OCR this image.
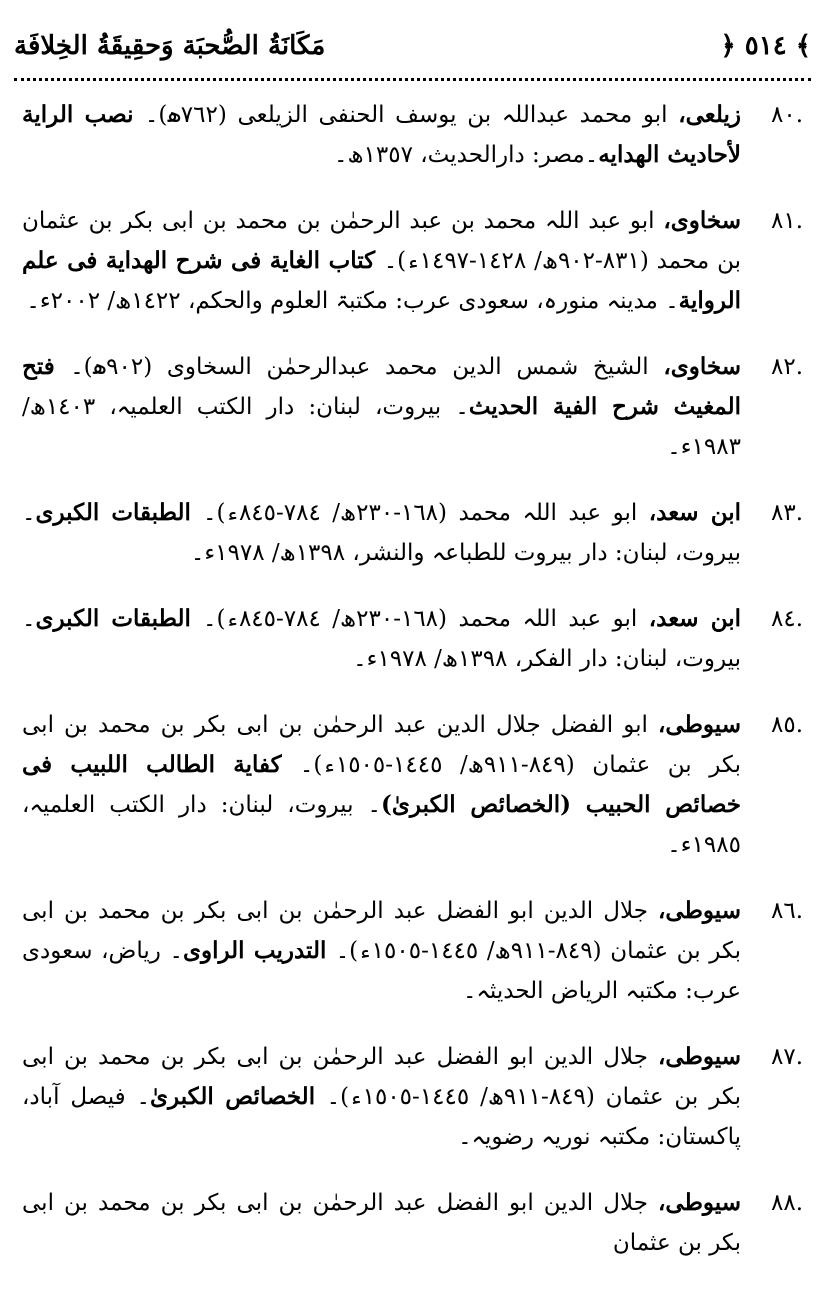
مَكَانَةُ الصُّحبَة وَحقِيقَةُ الخِلافَة	﴿ ٥١٤ ﴾
.٨٠
زیلعی، ابو محمد عبداللہ بن یوسف الحنفی الزیلعی (٧٦٢ھ)۔ نصب الراية لأحاديث الهدايه۔مصر: دارالحدیث، ١٣٥٧ھ۔
.٨١
سخاوی، ابو عبد اللہ محمد بن عبد الرحمٰن بن محمد بن ابی بکر بن عثمان بن محمد (٨٣١-٩٠٢ھ/ ١٤٢٨-١٤٩٧ء)۔ كتاب الغاية فى شرح الهداية فى علم الرواية۔ مدینہ منورہ، سعودی عرب: مکتبۃ العلوم والحکم، ١٤٢٢ھ/ ٢٠٠٢ء۔
.٨٢
سخاوی، الشیخ شمس الدین محمد عبدالرحمٰن السخاوی (٩٠٢ھ)۔ فتح المغيث شرح الفية الحديث۔ بیروت، لبنان: دار الکتب العلمیہ، ١٤٠٣ھ/ ١٩٨٣ء۔
.٨٣
ابن سعد، ابو عبد اللہ محمد (١٦٨-٢٣٠ھ/ ٧٨٤-٨٤٥ء)۔ الطبقات الكبرى۔ بیروت، لبنان: دار بیروت للطباعہ والنشر، ١٣٩٨ھ/ ١٩٧٨ء۔
.٨٤
ابن سعد، ابو عبد اللہ محمد (١٦٨-٢٣٠ھ/ ٧٨٤-٨٤٥ء)۔ الطبقات الكبرى۔ بیروت، لبنان: دار الفکر، ١٣٩٨ھ/ ١٩٧٨ء۔
.٨٥
سیوطی، ابو الفضل جلال الدین عبد الرحمٰن بن ابی بکر بن محمد بن ابی بکر بن عثمان (٨٤٩-٩١١ھ/ ١٤٤٥-١٥٠٥ء)۔ كفاية الطالب اللبيب فى خصائص الحبيب (الخصائص الكبرىٰ)۔ بیروت، لبنان: دار الکتب العلمیہ، ١٩٨٥ء۔
.٨٦
سیوطی، جلال الدین ابو الفضل عبد الرحمٰن بن ابی بکر بن محمد بن ابی بکر بن عثمان (٨٤٩-٩١١ھ/ ١٤٤٥-١٥٠٥ء)۔ التدريب الراوى۔ ریاض، سعودی عرب: مکتبہ الریاض الحدیثہ۔
.٨٧
سیوطی، جلال الدین ابو الفضل عبد الرحمٰن بن ابی بکر بن محمد بن ابی بکر بن عثمان (٨٤٩-٩١١ھ/ ١٤٤٥-١٥٠٥ء)۔ الخصائص الكبرىٰ۔ فیصل آباد، پاکستان: مکتبہ نوریہ رضویہ۔
.٨٨
سیوطی، جلال الدین ابو الفضل عبد الرحمٰن بن ابی بکر بن محمد بن ابی بکر بن عثمان
